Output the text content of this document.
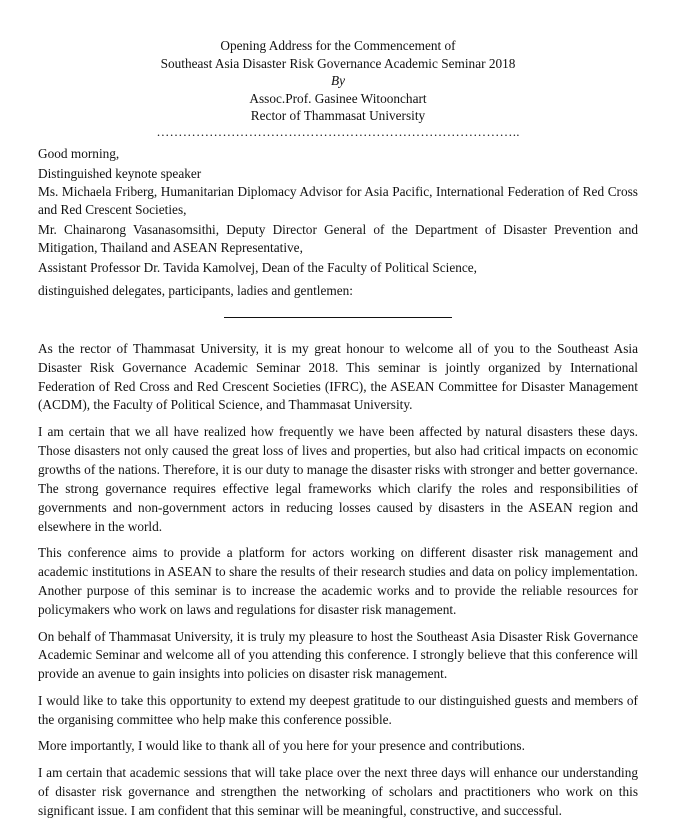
Opening Address for the Commencement of
Southeast Asia Disaster Risk Governance Academic Seminar 2018
By
Assoc.Prof. Gasinee Witoonchart
Rector of Thammasat University
………………………………………………………………………..
Good morning,
Distinguished keynote speaker
Ms. Michaela Friberg, Humanitarian Diplomacy Advisor for Asia Pacific, International Federation of Red Cross and Red Crescent Societies,
Mr. Chainarong Vasanasomsithi, Deputy Director General of the Department of Disaster Prevention and Mitigation, Thailand and ASEAN Representative,
Assistant Professor Dr. Tavida Kamolvej, Dean of the Faculty of Political Science,
distinguished delegates, participants, ladies and gentlemen:

As the rector of Thammasat University, it is my great honour to welcome all of you to the Southeast Asia Disaster Risk Governance Academic Seminar 2018. This seminar is jointly organized by International Federation of Red Cross and Red Crescent Societies (IFRC), the ASEAN Committee for Disaster Management (ACDM), the Faculty of Political Science, and Thammasat University.

I am certain that we all have realized how frequently we have been affected by natural disasters these days. Those disasters not only caused the great loss of lives and properties, but also had critical impacts on economic growths of the nations. Therefore, it is our duty to manage the disaster risks with stronger and better governance. The strong governance requires effective legal frameworks which clarify the roles and responsibilities of governments and non-government actors in reducing losses caused by disasters in the ASEAN region and elsewhere in the world.

This conference aims to provide a platform for actors working on different disaster risk management and academic institutions in ASEAN to share the results of their research studies and data on policy implementation. Another purpose of this seminar is to increase the academic works and to provide the reliable resources for policymakers who work on laws and regulations for disaster risk management.

On behalf of Thammasat University, it is truly my pleasure to host the Southeast Asia Disaster Risk Governance Academic Seminar and welcome all of you attending this conference. I strongly believe that this conference will provide an avenue to gain insights into policies on disaster risk management.

I would like to take this opportunity to extend my deepest gratitude to our distinguished guests and members of the organising committee who help make this conference possible.

More importantly, I would like to thank all of you here for your presence and contributions.

I am certain that academic sessions that will take place over the next three days will enhance our understanding of disaster risk governance and strengthen the networking of scholars and practitioners who work on this significant issue. I am confident that this seminar will be meaningful, constructive, and successful.
